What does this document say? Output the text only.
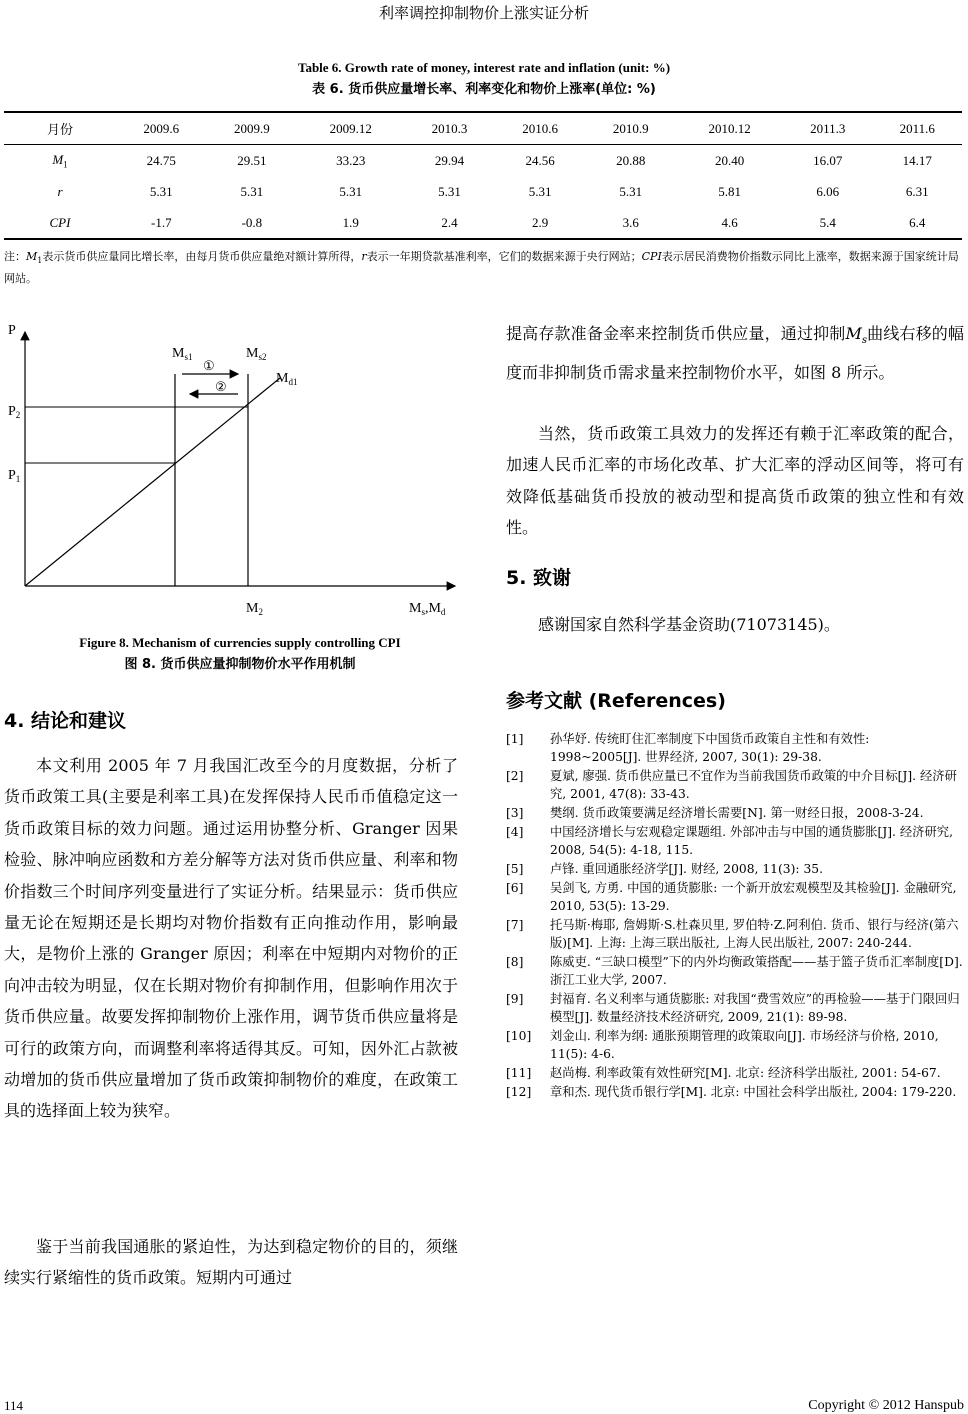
利率调控抑制物价上涨实证分析
Table 6. Growth rate of money, interest rate and inflation (unit: %)
表 6. 货币供应量增长率、利率变化和物价上涨率(单位: %)
月份	2009.6	2009.9	2009.12	2010.3	2010.6	2010.9	2010.12	2011.3	2011.6
$M_1$	24.75	29.51	33.23	29.94	24.56	20.88	20.40	16.07	14.17
r	5.31	5.31	5.31	5.31	5.31	5.31	5.81	6.06	6.31
CPI	-1.7	-0.8	1.9	2.4	2.9	3.6	4.6	5.4	6.4
注：$M_1$表示货币供应量同比增长率，由每月货币供应量绝对额计算所得，r表示一年期贷款基准利率，它们的数据来源于央行网站；CPI表示居民消费物价指数示同比上涨率，数据来源于国家统计局网站。
P
$P_2$
$P_1$
$M_{s1}$	$M_{s2}$
$M_{d1}$
①
②
$M_2$	$M_s,M_d$
Figure 8. Mechanism of currencies supply controlling CPI
图 8. 货币供应量抑制物价水平作用机制
4. 结论和建议
本文利用 2005 年 7 月我国汇改至今的月度数据，分析了货币政策工具(主要是利率工具)在发挥保持人民币币值稳定这一货币政策目标的效力问题。通过运用协整分析、Granger 因果检验、脉冲响应函数和方差分解等方法对货币供应量、利率和物价指数三个时间序列变量进行了实证分析。结果显示：货币供应量无论在短期还是长期均对物价指数有正向推动作用，影响最大，是物价上涨的 Granger 原因；利率在中短期内对物价的正向冲击较为明显，仅在长期对物价有抑制作用，但影响作用次于货币供应量。故要发挥抑制物价上涨作用，调节货币供应量将是可行的政策方向，而调整利率将适得其反。可知，因外汇占款被动增加的货币供应量增加了货币政策抑制物价的难度，在政策工具的选择面上较为狭窄。
鉴于当前我国通胀的紧迫性，为达到稳定物价的目的，须继续实行紧缩性的货币政策。短期内可通过
提高存款准备金率来控制货币供应量，通过抑制$M_s$曲线右移的幅度而非抑制货币需求量来控制物价水平，如图 8 所示。
当然，货币政策工具效力的发挥还有赖于汇率政策的配合，加速人民币汇率的市场化改革、扩大汇率的浮动区间等，将可有效降低基础货币投放的被动型和提高货币政策的独立性和有效性。
5. 致谢
感谢国家自然科学基金资助(71073145)。
参考文献 (References)
[1]	孙华妤. 传统盯住汇率制度下中国货币政策自主性和有效性: 1998~2005[J]. 世界经济, 2007, 30(1): 29-38.
[2]	夏斌, 廖强. 货币供应量已不宜作为当前我国货币政策的中介目标[J]. 经济研究, 2001, 47(8): 33-43.
[3]	樊纲. 货币政策要满足经济增长需要[N]. 第一财经日报，2008-3-24.
[4]	中国经济增长与宏观稳定课题组. 外部冲击与中国的通货膨胀[J]. 经济研究, 2008, 54(5): 4-18, 115.
[5]	卢锋. 重回通胀经济学[J]. 财经, 2008, 11(3): 35.
[6]	吴剑飞, 方勇. 中国的通货膨胀: 一个新开放宏观模型及其检验[J]. 金融研究, 2010, 53(5): 13-29.
[7]	托马斯·梅耶, 詹姆斯·S.杜森贝里, 罗伯特·Z.阿利伯. 货币、银行与经济(第六版)[M]. 上海: 上海三联出版社, 上海人民出版社, 2007: 240-244.
[8]	陈威吏. “三缺口模型”下的内外均衡政策搭配——基于篮子货币汇率制度[D]. 浙江工业大学, 2007.
[9]	封福育. 名义利率与通货膨胀: 对我国“费雪效应”的再检验——基于门限回归模型[J]. 数量经济技术经济研究, 2009, 21(1): 89-98.
[10]	刘金山. 利率为纲: 通胀预期管理的政策取向[J]. 市场经济与价格, 2010, 11(5): 4-6.
[11]	赵尚梅. 利率政策有效性研究[M]. 北京: 经济科学出版社, 2001: 54-67.
[12]	章和杰. 现代货币银行学[M]. 北京: 中国社会科学出版社, 2004: 179-220.
114	Copyright © 2012 Hanspub
